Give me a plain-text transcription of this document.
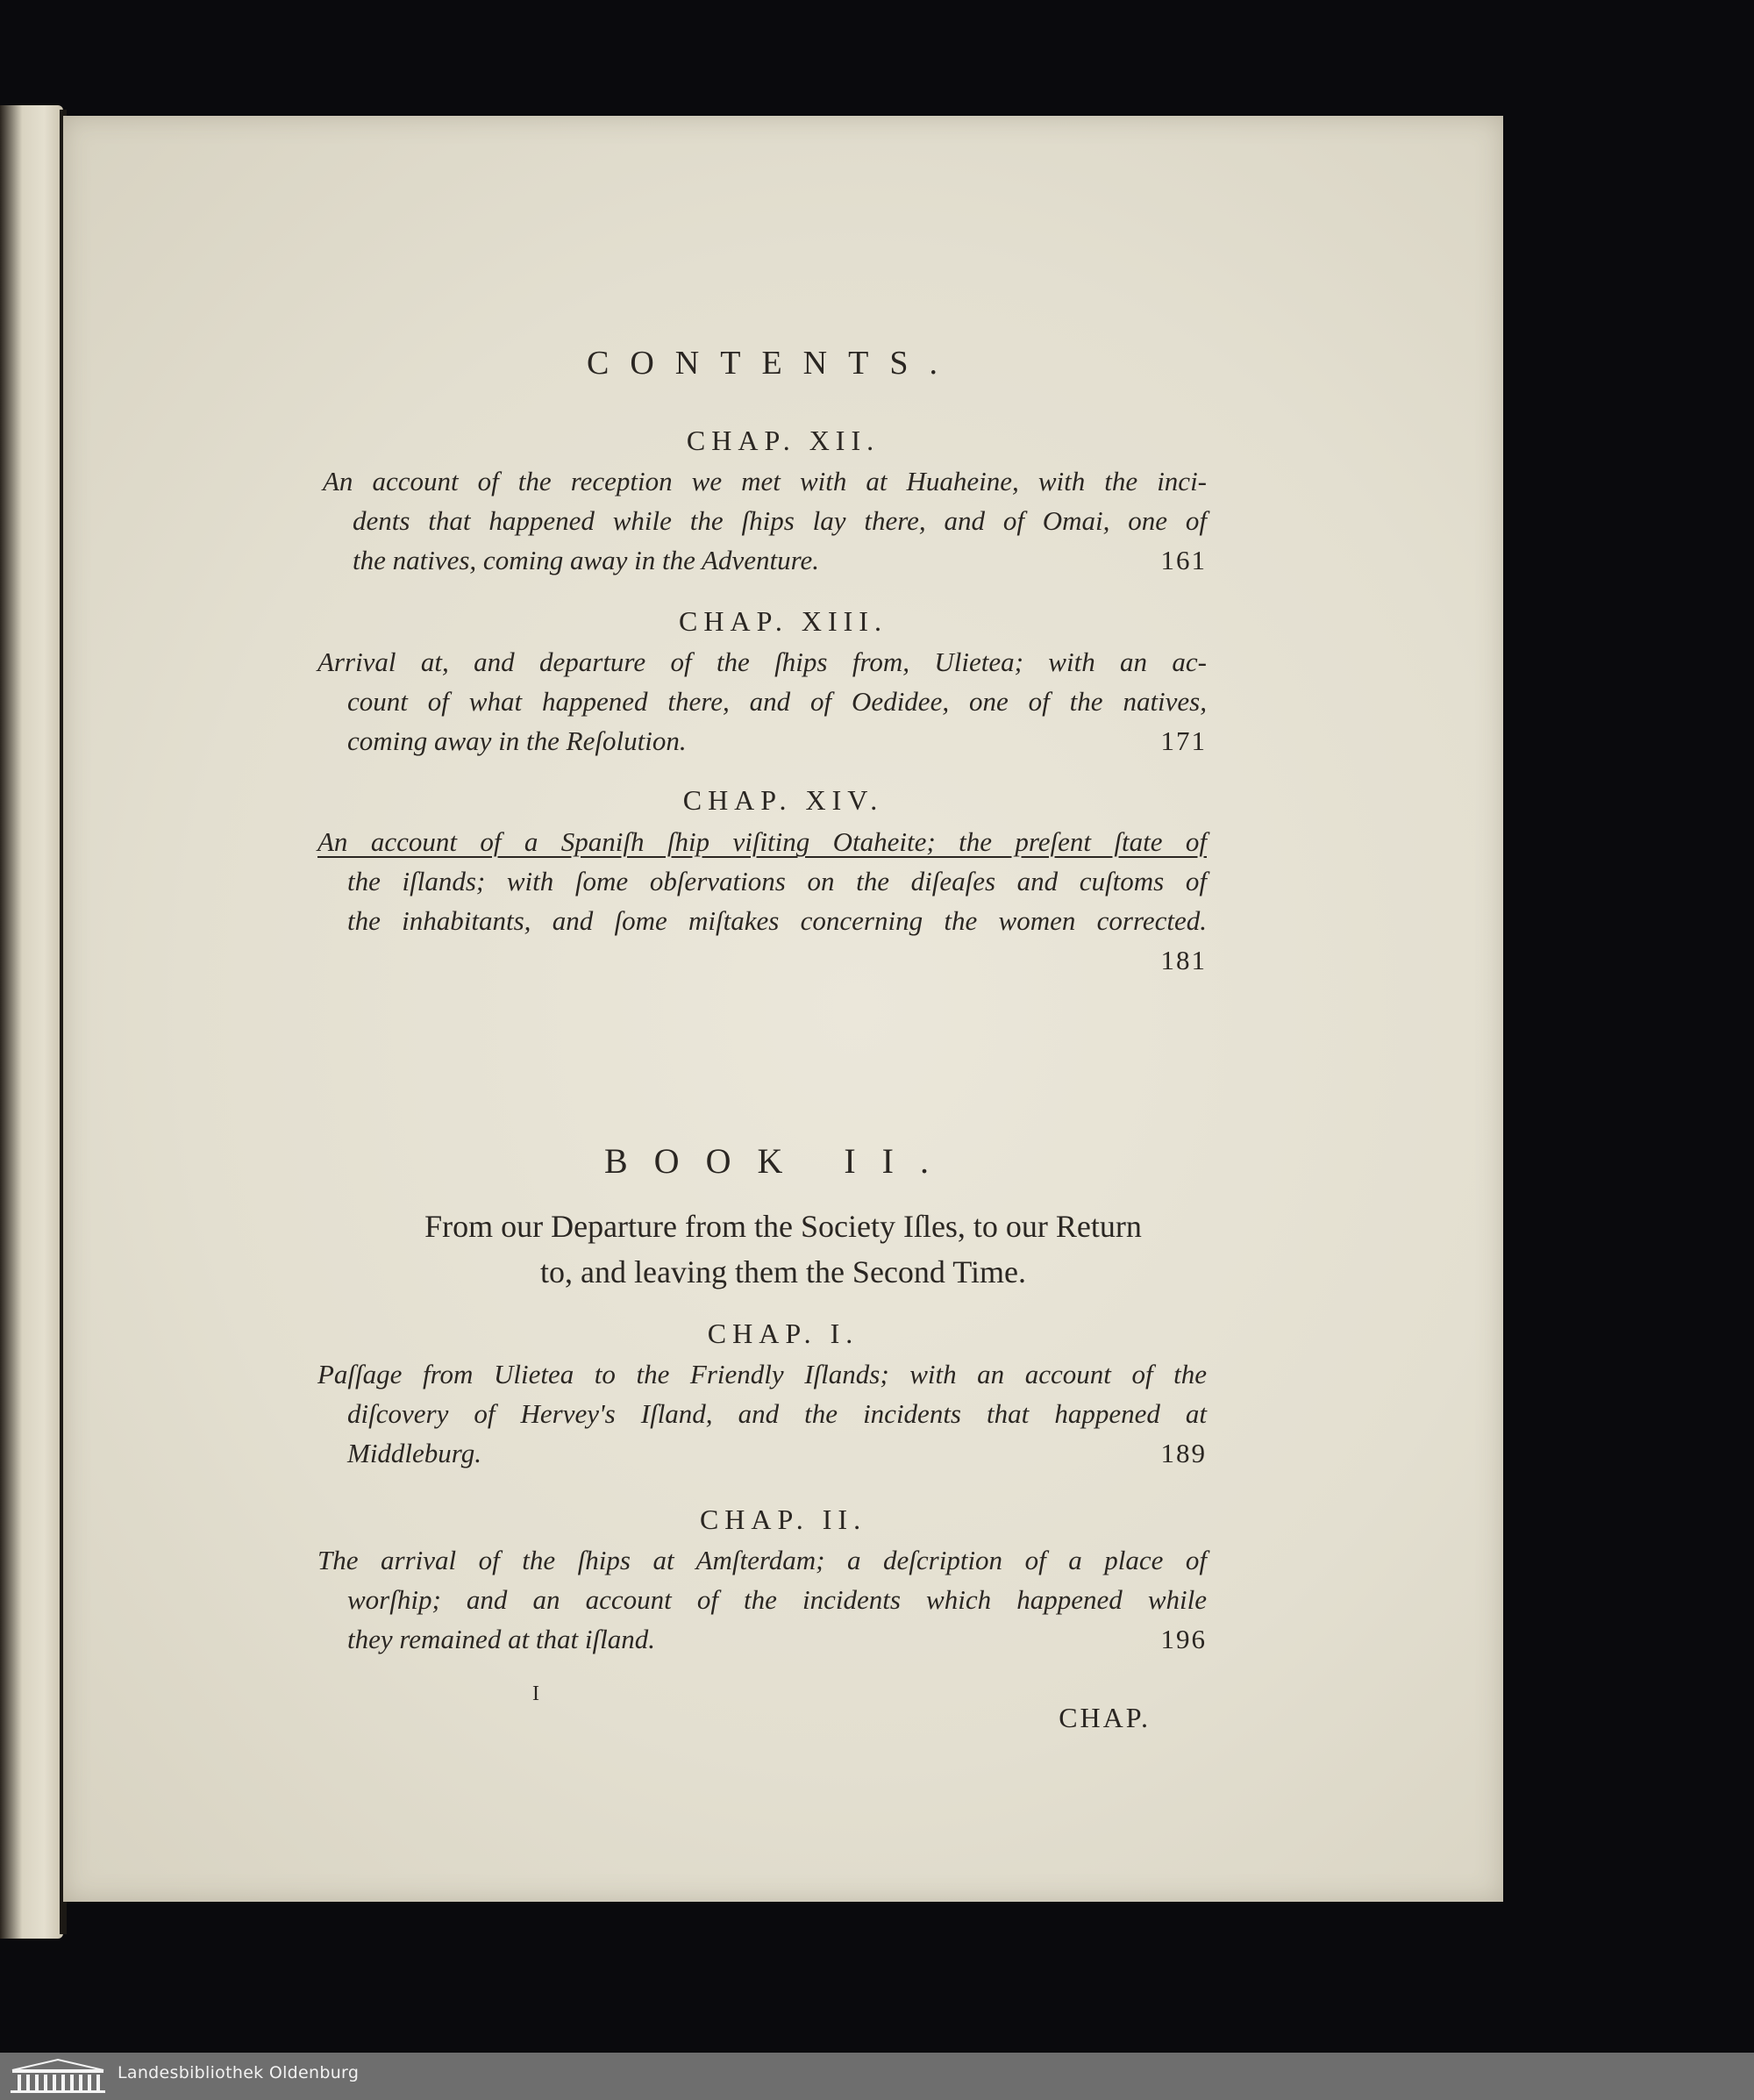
CONTENTS.
CHAP. XII.
An account of the reception we met with at Huaheine, with the inci-
dents that happened while the ſhips lay there, and of Omai, one of
the natives, coming away in the Adventure.	161
CHAP. XIII.
Arrival at, and departure of the ſhips from, Ulietea; with an ac-
count of what happened there, and of Oedidee, one of the natives,
coming away in the Reſolution.	171
CHAP. XIV.
An account of a Spaniſh ſhip viſiting Otaheite; the preſent ſtate of
the iſlands; with ſome obſervations on the diſeaſes and cuſtoms of
the inhabitants, and ſome miſtakes concerning the women corrected.
181
BOOK II.
From our Departure from the Society Iſles, to our Return
to, and leaving them the Second Time.
CHAP. I.
Paſſage from Ulietea to the Friendly Iſlands; with an account of the
diſcovery of Hervey's Iſland, and the incidents that happened at
Middleburg.	189
CHAP. II.
The arrival of the ſhips at Amſterdam; a deſcription of a place of
worſhip; and an account of the incidents which happened while
they remained at that iſland.	196
I
CHAP.
Landesbibliothek Oldenburg
